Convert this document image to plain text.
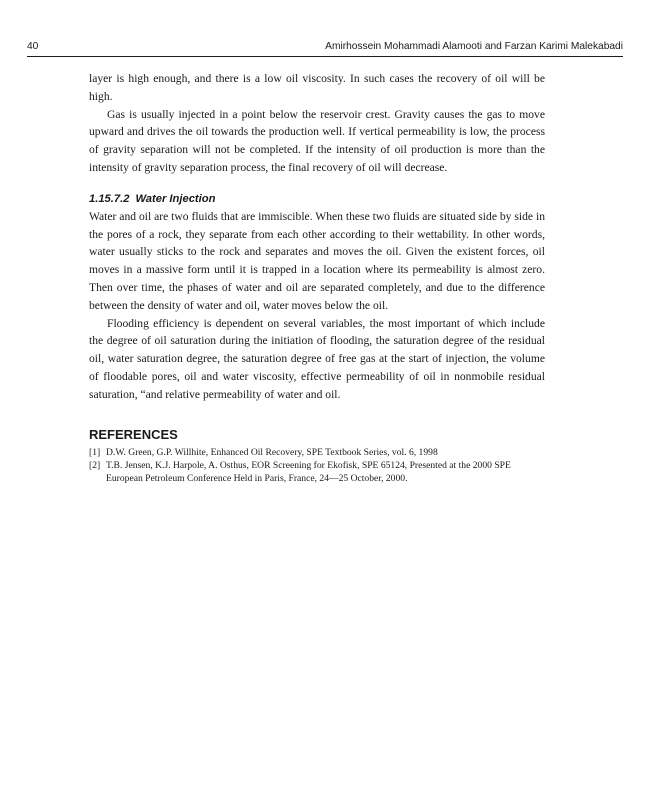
40	Amirhossein Mohammadi Alamooti and Farzan Karimi Malekabadi

layer is high enough, and there is a low oil viscosity. In such cases the recovery of oil will be high.

Gas is usually injected in a point below the reservoir crest. Gravity causes the gas to move upward and drives the oil towards the production well. If vertical permeability is low, the process of gravity separation will not be completed. If the intensity of oil production is more than the intensity of gravity separation process, the final recovery of oil will decrease.

1.15.7.2 Water Injection

Water and oil are two fluids that are immiscible. When these two fluids are situated side by side in the pores of a rock, they separate from each other according to their wettability. In other words, water usually sticks to the rock and separates and moves the oil. Given the existent forces, oil moves in a massive form until it is trapped in a location where its permeability is almost zero. Then over time, the phases of water and oil are separated completely, and due to the difference between the density of water and oil, water moves below the oil.

Flooding efficiency is dependent on several variables, the most important of which include the degree of oil saturation during the initiation of flooding, the saturation degree of the residual oil, water saturation degree, the saturation degree of free gas at the start of injection, the volume of floodable pores, oil and water viscosity, effective permeability of oil in nonmobile residual saturation, “and relative permeability of water and oil.

REFERENCES
[1] D.W. Green, G.P. Willhite, Enhanced Oil Recovery, SPE Textbook Series, vol. 6, 1998
[2] T.B. Jensen, K.J. Harpole, A. Osthus, EOR Screening for Ekofisk, SPE 65124, Presented at the 2000 SPE European Petroleum Conference Held in Paris, France, 24—25 October, 2000.
